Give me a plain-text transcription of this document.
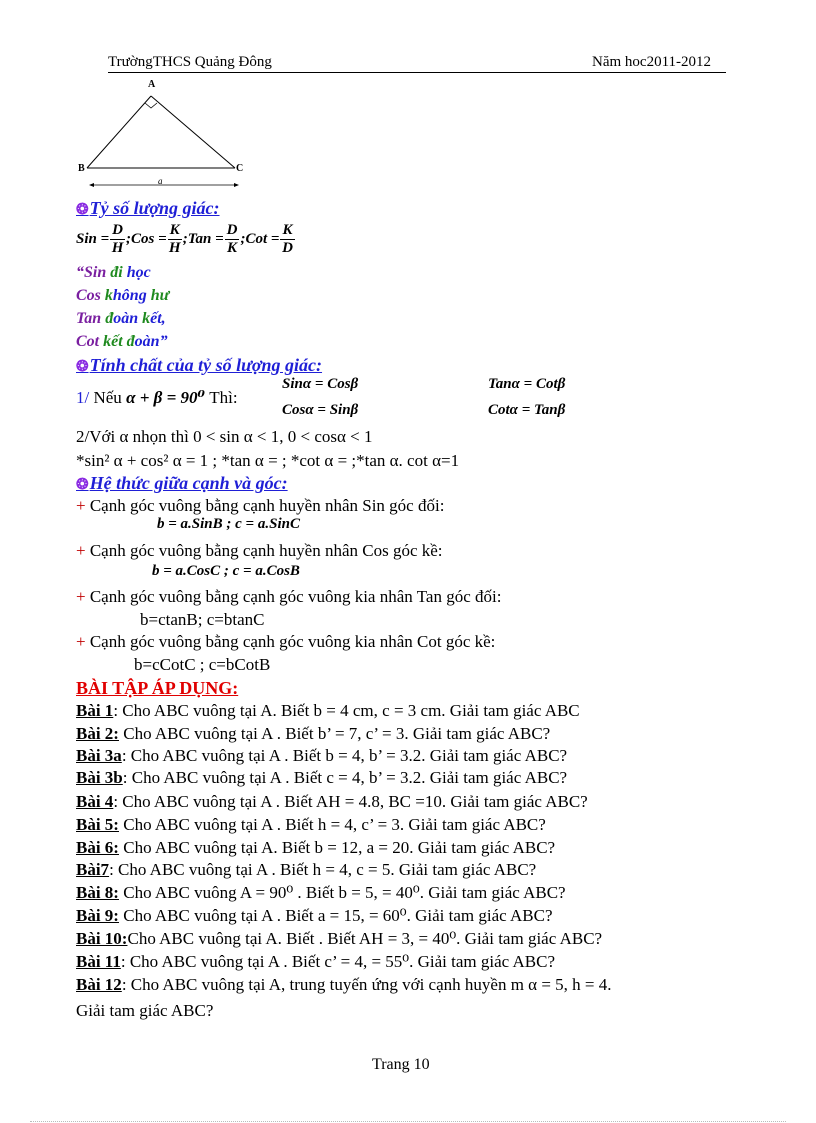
TrườngTHCS Quảng Đông	Năm hoc2011-2012
A
B	C
a
❂Tỷ số lượng giác:
Sin = $\frac{D}{H}$ ;Cos = $\frac{K}{H}$ ;Tan = $\frac{D}{K}$ ;Cot = $\frac{K}{D}$
“Sin đi học
Cos không hư
Tan đoàn kết,
Cot kết đoàn”
❂Tính chất của tỷ số lượng giác:
1/ Nếu α + β = 90⁰ Thì:
Sinα = Cosβ	Tanα = Cotβ
Cosα = Sinβ	Cotα = Tanβ
2/Với α nhọn thì 0 < sin α < 1, 0 < cosα < 1
*sin² α + cos² α = 1 ; *tan α = ; *cot α = ;*tan α. cot α=1
❂Hệ thức giữa cạnh và góc:
+ Cạnh góc vuông bằng cạnh huyền nhân Sin góc đối:
b = a.SinB ; c = a.SinC
+ Cạnh góc vuông bằng cạnh huyền nhân Cos góc kề:
b = a.CosC ; c = a.CosB
+ Cạnh góc vuông bằng cạnh góc vuông kia nhân Tan góc đối:
b=ctanB; c=btanC
+ Cạnh góc vuông bằng cạnh góc vuông kia nhân Cot góc kề:
b=cCotC ; c=bCotB
BÀI TẬP ÁP DỤNG:
Bài 1: Cho ABC vuông tại A. Biết b = 4 cm, c = 3 cm. Giải tam giác ABC
Bài 2: Cho ABC vuông tại A . Biết b’ = 7, c’ = 3. Giải tam giác ABC?
Bài 3a: Cho ABC vuông tại A . Biết b = 4, b’ = 3.2. Giải tam giác ABC?
Bài 3b: Cho ABC vuông tại A . Biết c = 4, b’ = 3.2. Giải tam giác ABC?
Bài 4: Cho ABC vuông tại A . Biết AH = 4.8, BC =10. Giải tam giác ABC?
Bài 5: Cho ABC vuông tại A . Biết h = 4, c’ = 3. Giải tam giác ABC?
Bài 6: Cho ABC vuông tại A. Biết b = 12, a = 20. Giải tam giác ABC?
Bài7: Cho ABC vuông tại A . Biết h = 4, c = 5. Giải tam giác ABC?
Bài 8: Cho ABC vuông A = 90⁰ . Biết b = 5, = 40⁰. Giải tam giác ABC?
Bài 9: Cho ABC vuông tại A . Biết a = 15, = 60⁰. Giải tam giác ABC?
Bài 10:Cho ABC vuông tại A. Biết . Biết AH = 3, = 40⁰. Giải tam giác ABC?
Bài 11: Cho ABC vuông tại A . Biết c’ = 4, = 55⁰. Giải tam giác ABC?
Bài 12: Cho ABC vuông tại A, trung tuyến ứng với cạnh huyền m α = 5, h = 4.
Giải tam giác ABC?
Trang 10
